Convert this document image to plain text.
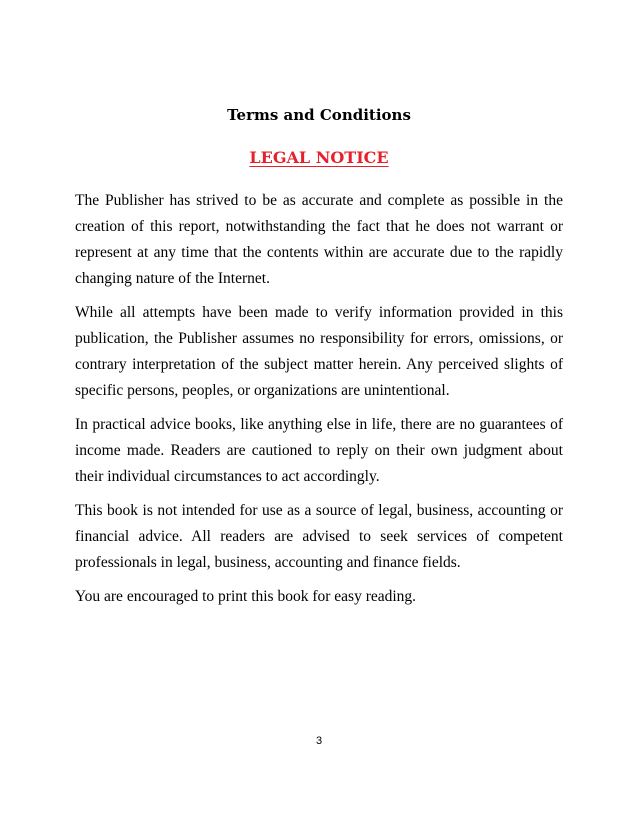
Terms and Conditions
LEGAL NOTICE

The Publisher has strived to be as accurate and complete as possible in the creation of this report, notwithstanding the fact that he does not warrant or represent at any time that the contents within are accurate due to the rapidly changing nature of the Internet.

While all attempts have been made to verify information provided in this publication, the Publisher assumes no responsibility for errors, omissions, or contrary interpretation of the subject matter herein. Any perceived slights of specific persons, peoples, or organizations are unintentional.

In practical advice books, like anything else in life, there are no guarantees of income made. Readers are cautioned to reply on their own judgment about their individual circumstances to act accordingly.

This book is not intended for use as a source of legal, business, accounting or financial advice. All readers are advised to seek services of competent professionals in legal, business, accounting and finance fields.

You are encouraged to print this book for easy reading.

3
